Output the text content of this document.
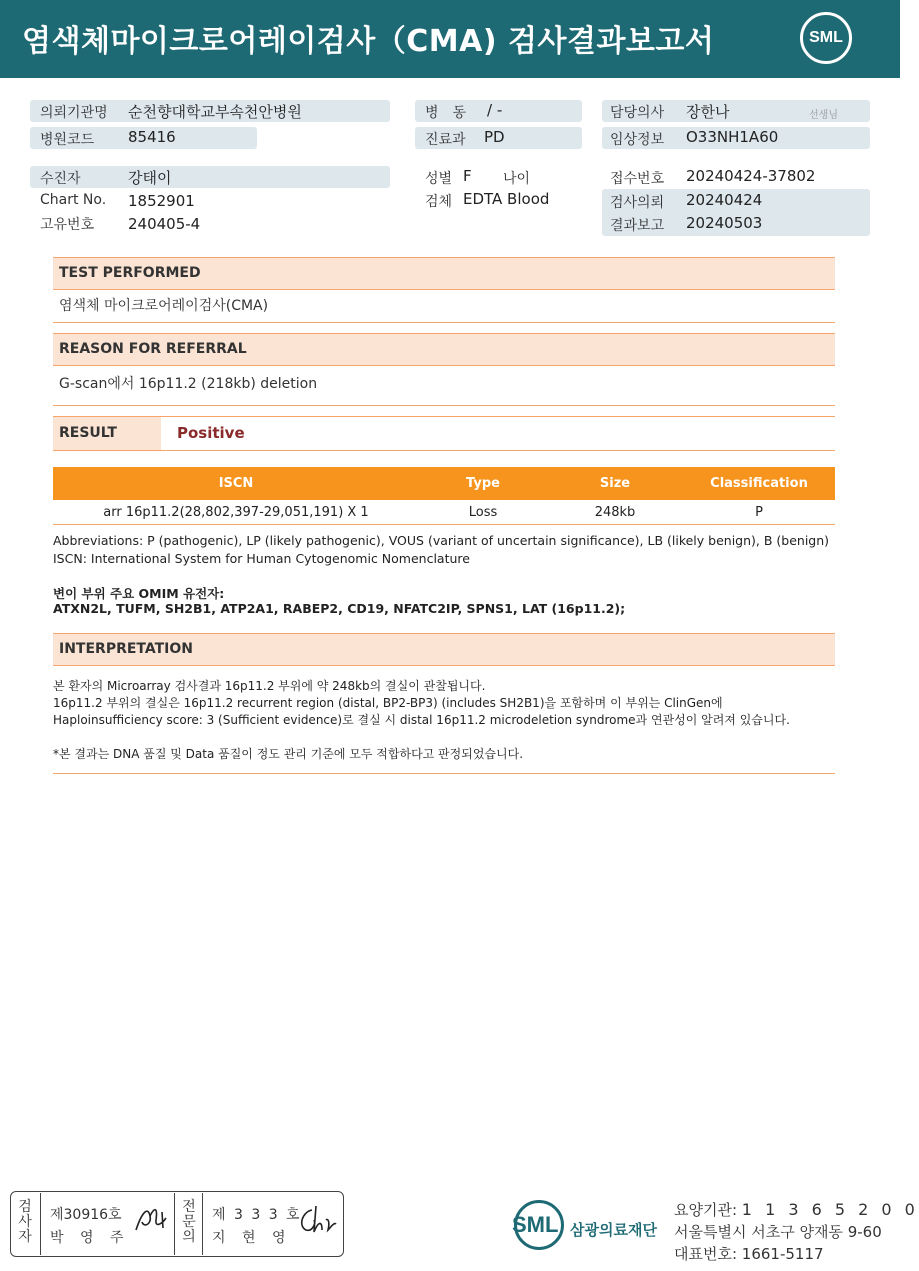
염색체마이크로어레이검사（CMA) 검사결과보고서	SML
의뢰기관명 순천향대학교부속천안병원
병원코드 85416
병　동 / -
진료과 PD
담당의사 장한나	선생님
임상정보 O33NH1A60
수진자	강태이
Chart No. 1852901
고유번호 240405-4
성별 F 나이
검체 EDTA Blood
접수번호 20240424-37802
검사의뢰 20240424
결과보고 20240503
TEST PERFORMED
염색체 마이크로어레이검사(CMA)
REASON FOR REFERRAL
G-scan에서 16p11.2 (218kb) deletion
RESULT	Positive
ISCN	Type	Size	Classification
arr 16p11.2(28,802,397-29,051,191) X 1	Loss	248kb	P
Abbreviations: P (pathogenic), LP (likely pathogenic), VOUS (variant of uncertain significance), LB (likely benign), B (benign)
ISCN: International System for Human Cytogenomic Nomenclature
변이 부위 주요 OMIM 유전자:
ATXN2L, TUFM, SH2B1, ATP2A1, RABEP2, CD19, NFATC2IP, SPNS1, LAT (16p11.2);
INTERPRETATION
본 환자의 Microarray 검사결과 16p11.2 부위에 약 248kb의 결실이 관찰됩니다.
16p11.2 부위의 결실은 16p11.2 recurrent region (distal, BP2-BP3) (includes SH2B1)을 포함하며 이 부위는 ClinGen에
Haploinsufficiency score: 3 (Sufficient evidence)로 결실 시 distal 16p11.2 microdeletion syndrome과 연관성이 알려져 있습니다.
*본 결과는 DNA 품질 및 Data 품질이 정도 관리 기준에 모두 적합하다고 판정되었습니다.
검
사
자
제30916호
박 영 주
전
문
의
제 3 3 3 호
지 현 영
SML 삼광의료재단
요양기관: 1 1 3 6 5 2 0 0
서울특별시 서초구 양재동 9-60
대표번호: 1661-5117
